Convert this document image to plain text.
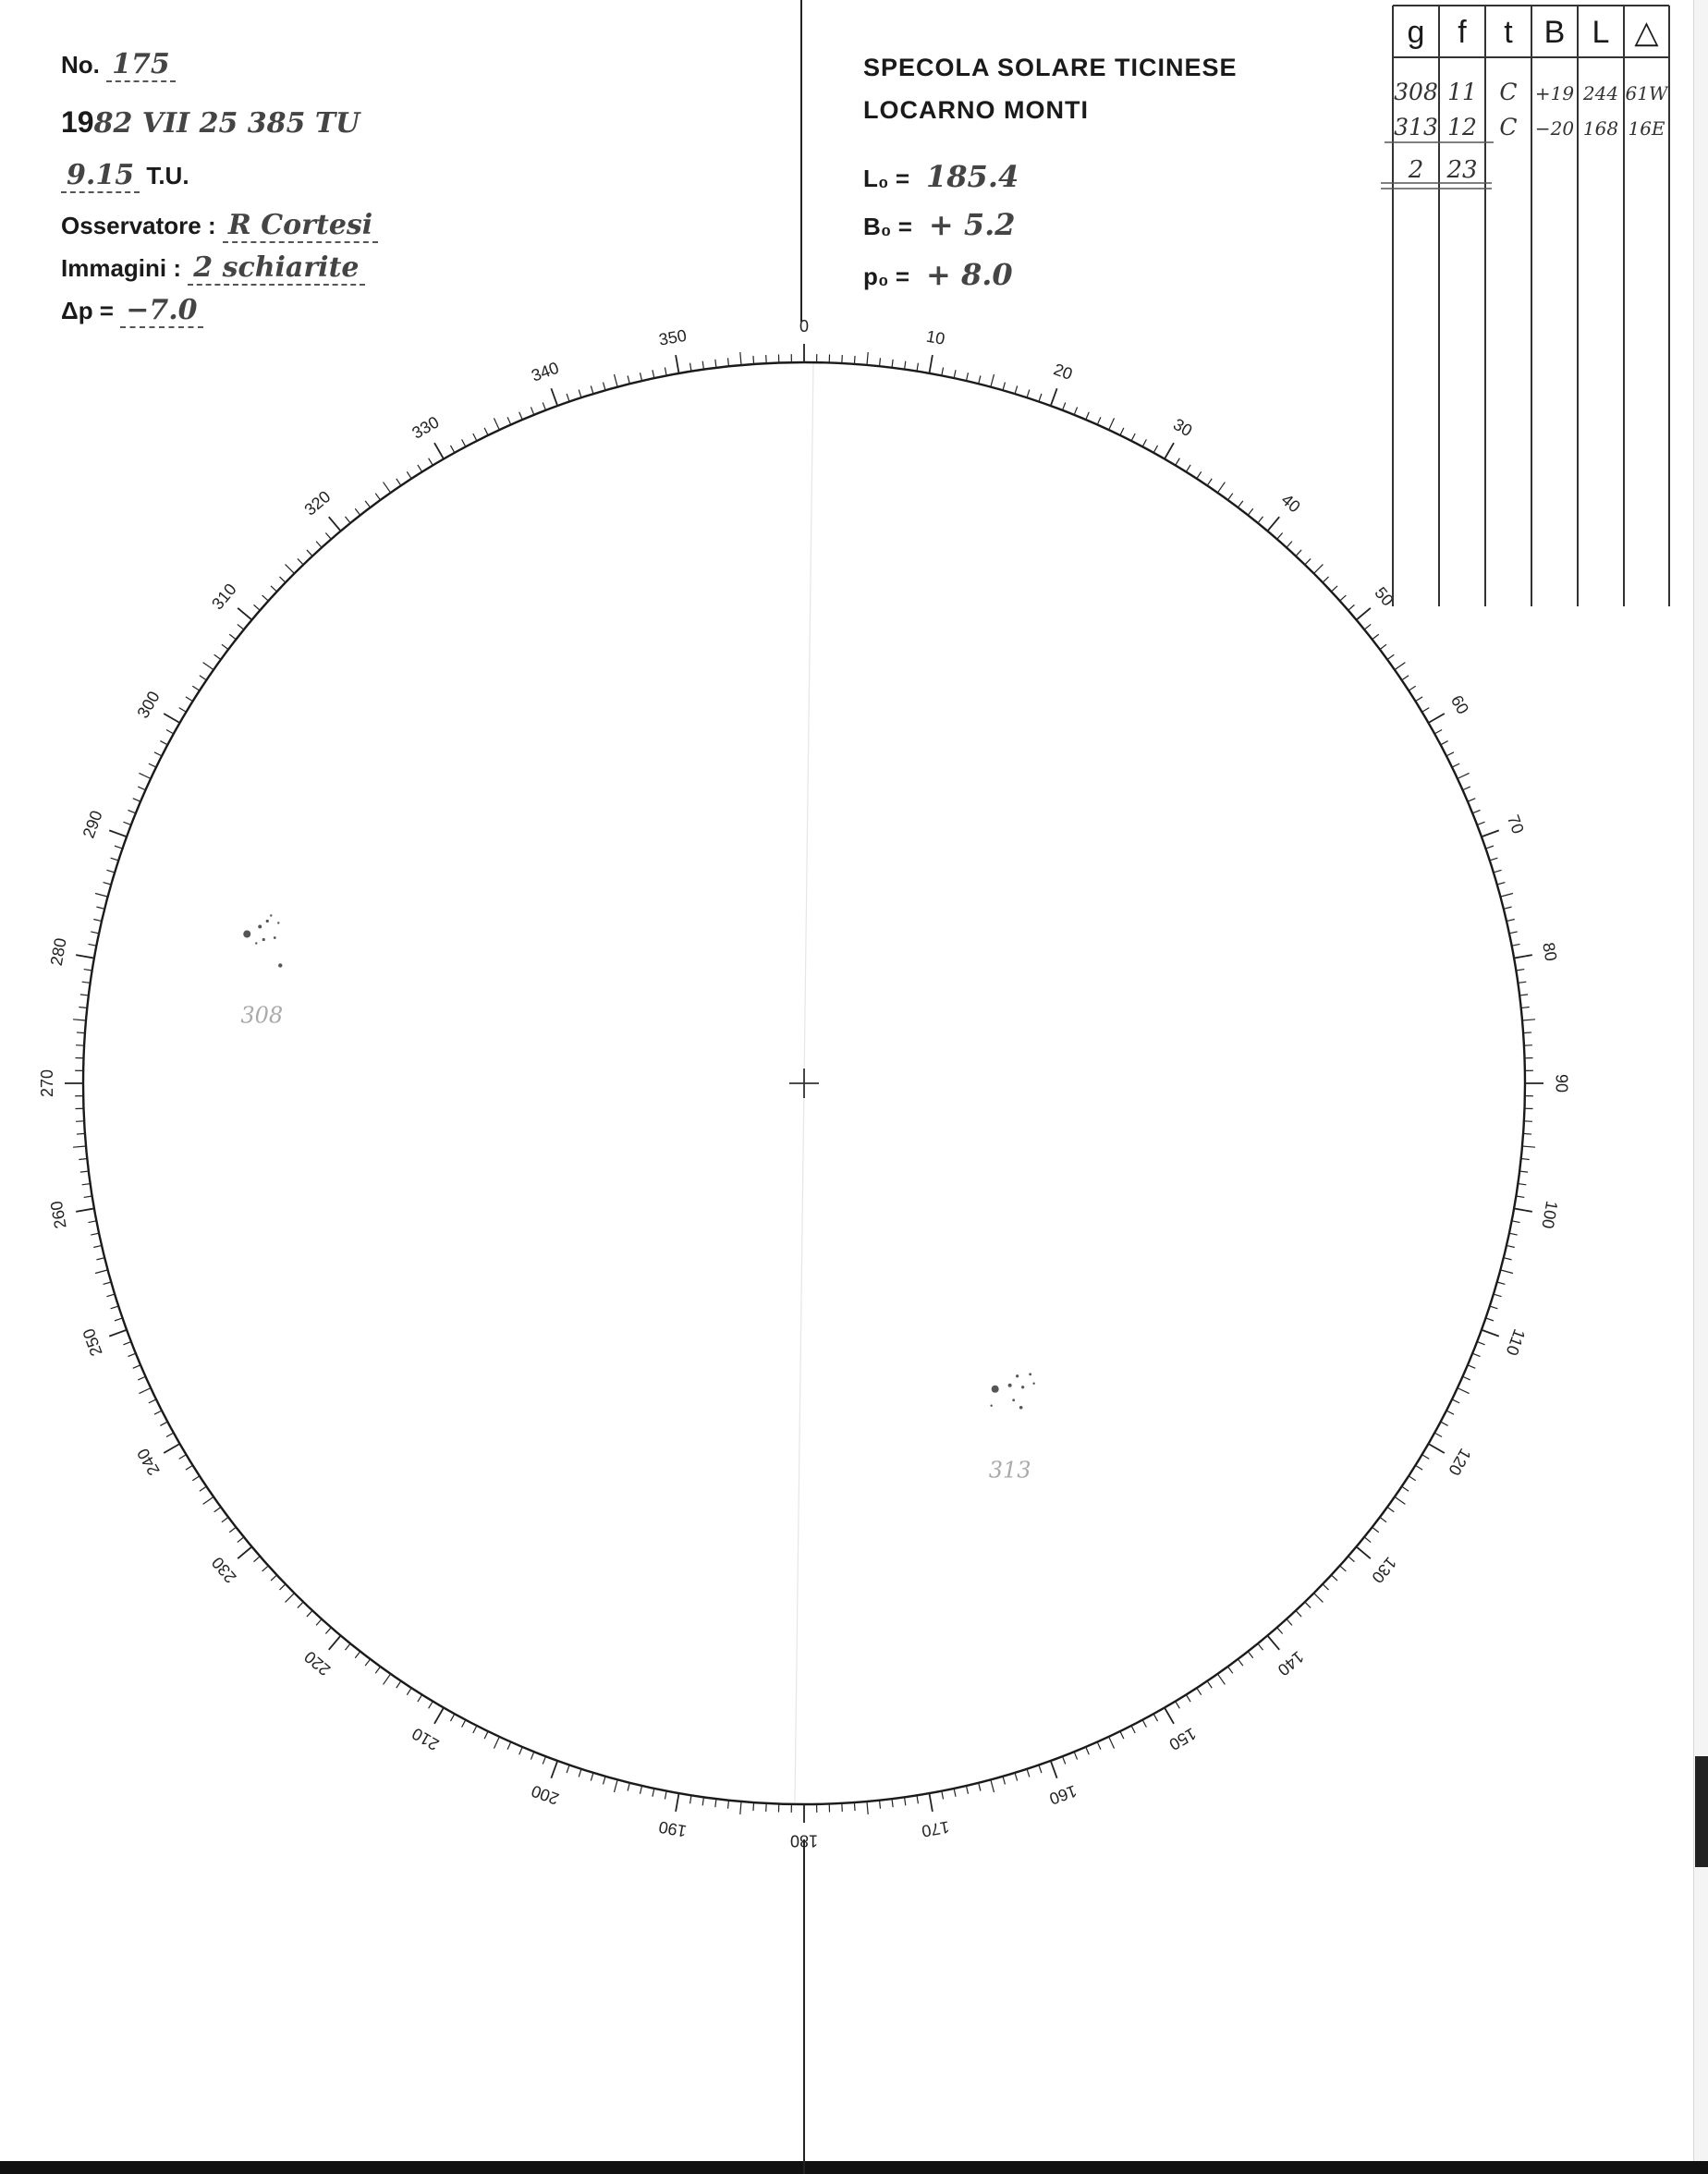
No. 175
1982 VII 25 385 TU
9.15 T.U.
Osservatore : R Cortesi
Immagini : 2 schiarite
Δp = −7.0
SPECOLA SOLARE TICINESE
LOCARNO MONTI
L₀ = 185.4
B₀ = + 5.2
p₀ = + 8.0
0
10
20
30
40
50
60
70
80
90
100
110
120
130
140
150
160
170
180
190
200
210
220
230
240
250
260
270
280
290
300
310
320
330
340
350
308
313
g f t B L △
308 11 C +19 244 61W
313 12 C −20 168 16E
2 23
